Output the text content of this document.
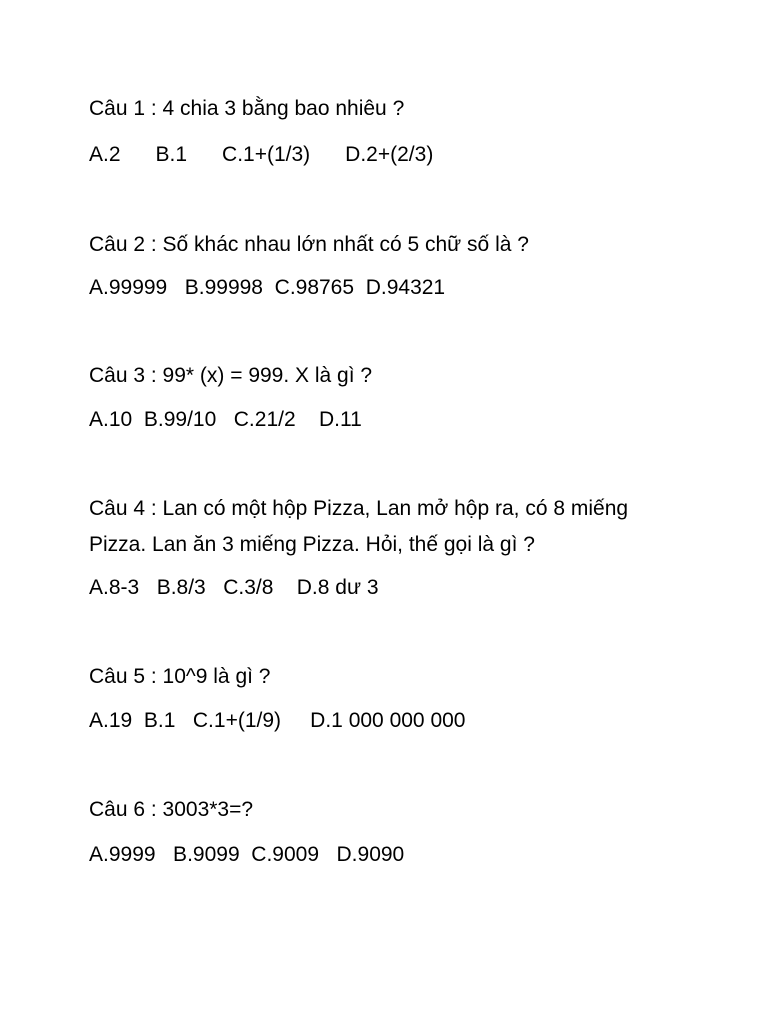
Câu 1 : 4 chia 3 bằng bao nhiêu ?
A.2      B.1      C.1+(1/3)      D.2+(2/3)
Câu 2 : Số khác nhau lớn nhất có 5 chữ số là ?
A.99999   B.99998  C.98765  D.94321
Câu 3 : 99* (x) = 999. X là gì ?
A.10  B.99/10   C.21/2    D.11
Câu 4 : Lan có một hộp Pizza, Lan mở hộp ra, có 8 miếng
Pizza. Lan ăn 3 miếng Pizza. Hỏi, thế gọi là gì ?
A.8-3   B.8/3   C.3/8    D.8 dư 3
Câu 5 : 10^9 là gì ?
A.19  B.1   C.1+(1/9)     D.1 000 000 000
Câu 6 : 3003*3=?
A.9999   B.9099  C.9009   D.9090
